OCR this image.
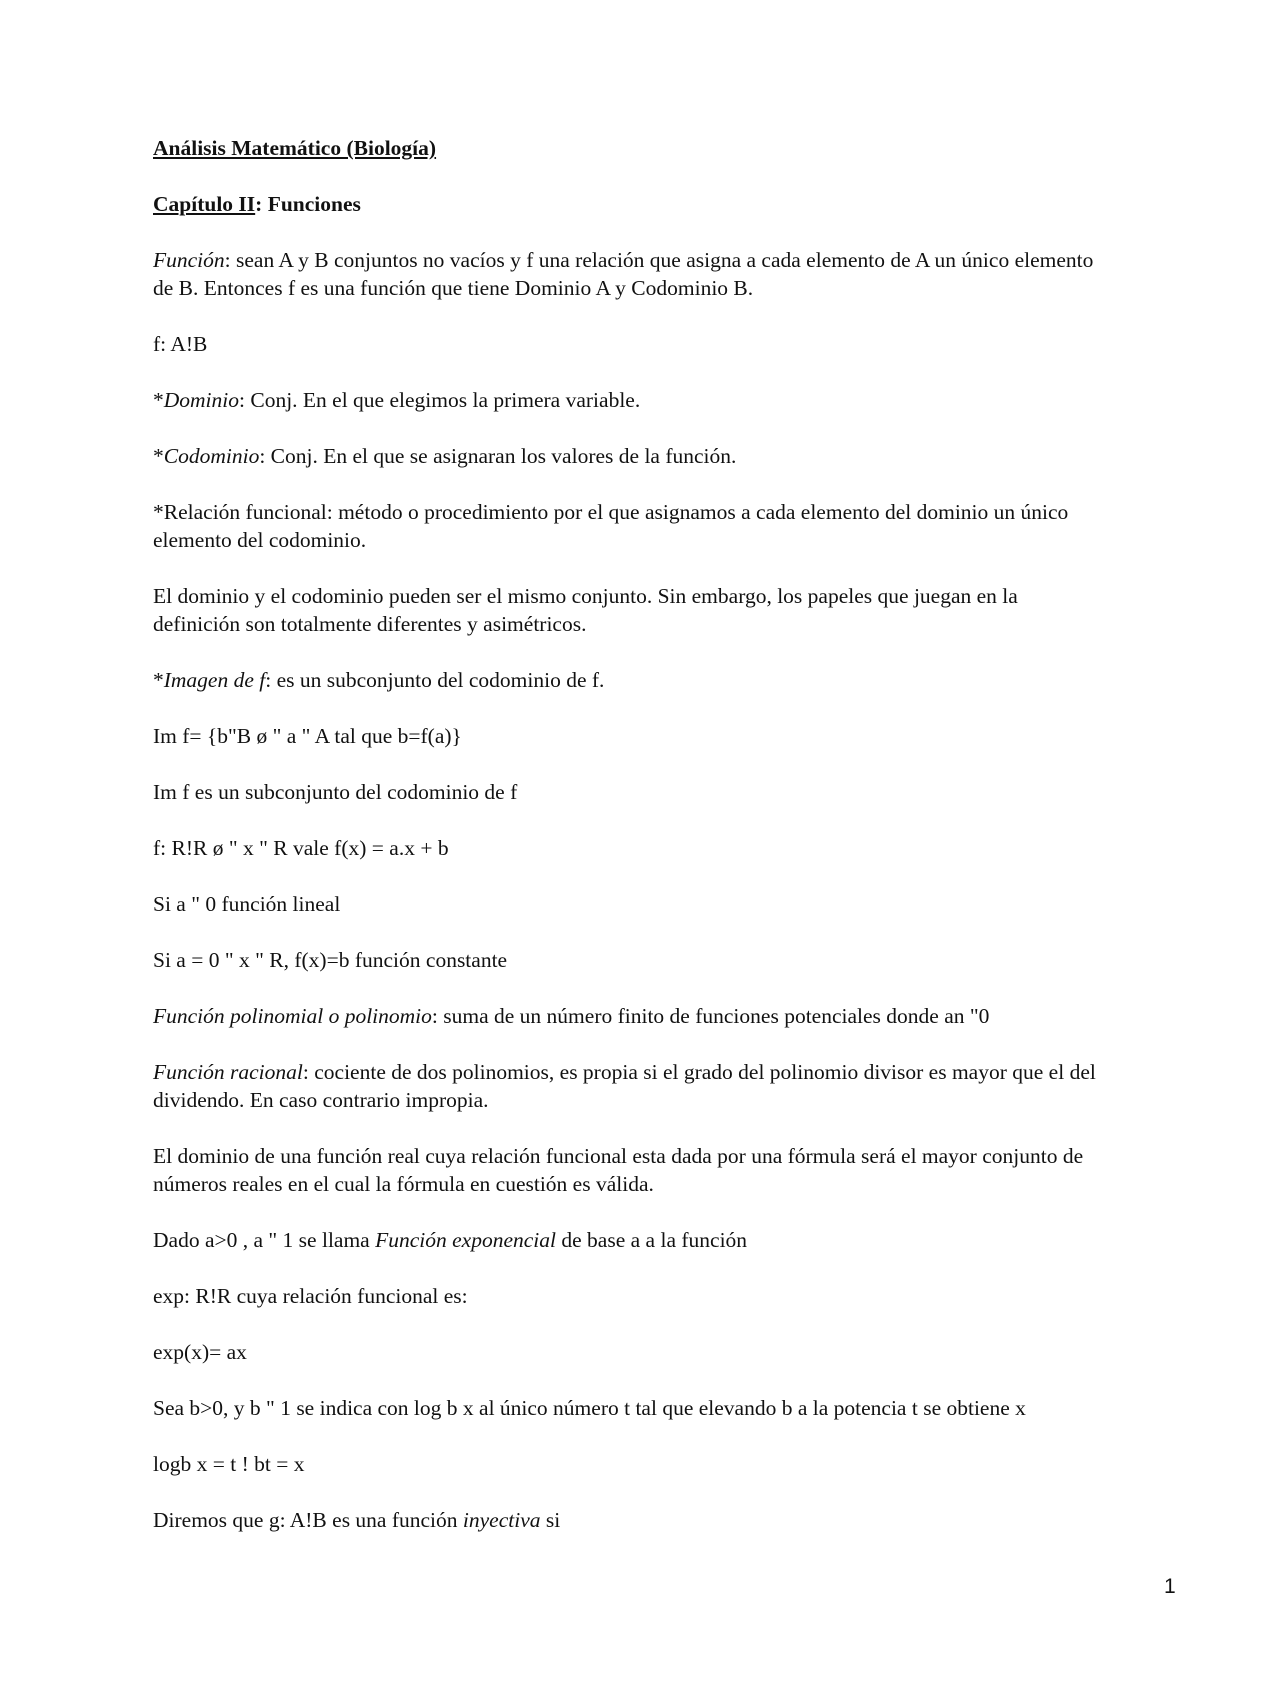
Análisis Matemático (Biología)
Capítulo II: Funciones
Función: sean A y B conjuntos no vacíos y f una relación que asigna a cada elemento de A un único elemento
de B. Entonces f es una función que tiene Dominio A y Codominio B.
f: A!B
*Dominio: Conj. En el que elegimos la primera variable.
*Codominio: Conj. En el que se asignaran los valores de la función.
*Relación funcional: método o procedimiento por el que asignamos a cada elemento del dominio un único
elemento del codominio.
El dominio y el codominio pueden ser el mismo conjunto. Sin embargo, los papeles que juegan en la
definición son totalmente diferentes y asimétricos.
*Imagen de f: es un subconjunto del codominio de f.
Im f= {b"B ø " a " A tal que b=f(a)}
Im f es un subconjunto del codominio de f
f: R!R ø " x " R vale f(x) = a.x + b
Si a " 0 función lineal
Si a = 0 " x " R, f(x)=b función constante
Función polinomial o polinomio: suma de un número finito de funciones potenciales donde an "0
Función racional: cociente de dos polinomios, es propia si el grado del polinomio divisor es mayor que el del
dividendo. En caso contrario impropia.
El dominio de una función real cuya relación funcional esta dada por una fórmula será el mayor conjunto de
números reales en el cual la fórmula en cuestión es válida.
Dado a>0 , a " 1 se llama Función exponencial de base a a la función
exp: R!R cuya relación funcional es:
exp(x)= ax
Sea b>0, y b " 1 se indica con log b x al único número t tal que elevando b a la potencia t se obtiene x
logb x = t ! bt = x
Diremos que g: A!B es una función inyectiva si
1
